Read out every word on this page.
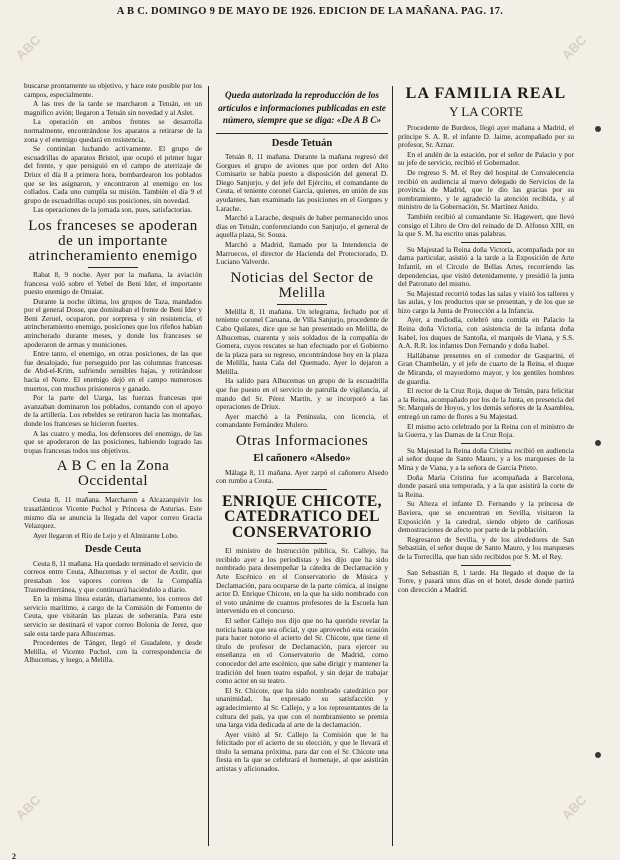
A B C. DOMINGO 9 DE MAYO DE 1926. EDICION DE LA MAÑANA. PAG. 17.

buscarse prontamente su objetivo, y hace este posible por los campos, especialmente.

A las tres de la tarde se marcharon a Tetuán, en un magnifico avión; llegaron a Tetuán sin novedad y al Aslet.

La operación en ambos frentes se desarrolla normalmente, encontrándose los aparatos a retirarse de la zona y el enemigo quedará en resistencia.

Se continúan luchando activamente. El grupo de escuadrillas de aparatos Bristol, que ocupó el primer lugar del frente, y que persiguió en el campo de aterrizaje de Driux el día 8 a primera hora, bombardearon los poblados que se les asignaron, y encontraron al enemigo en los collados. Cada uno cumplía su misión. También el día 9 el grupo de escuadrillas ocupó sus posiciones, sin novedad.

Las operaciones de la jornada son, pues, satisfactorias.

Los franceses se apoderan de un importante atrincheramiento enemigo

Rabat 8, 9 noche. Ayer por la mañana, la aviación francesa voló sobre el Yebel de Beni Ider, el importante puesto enemigo de Omaiat.

Durante la noche última, los grupos de Taza, mandados por el general Dosse, que dominaban el frente de Beni Ider y Beni Zeruel, ocuparon, por sorpresa y sin resistencia, el atrincheramiento enemigo, posiciones que los rifeños habían atrincherado durante meses, y donde los franceses se apoderaron de armas y municiones.

Entre tanto, el enemigo, en otras posiciones, de las que fue desalojado, fue perseguido por las columnas francesas de Abd-el-Krim, sufriendo sensibles bajas, y retirándose hacia el Norte. El enemigo dejó en el campo numerosos muertos, con muchos prisioneros y ganado.

Por la parte del Uarga, las fuerzas francesas que avanzaban dominaron los poblados, contando con el apoyo de la artillería. Los rebeldes se retiraron hacia las montañas, donde los franceses se hicieron fuertes.

A las cuatro y media, los defensores del enemigo, de las que se apoderaron de las posiciones, habiendo logrado las tropas francesas todos sus objetivos.

A B C en la Zona Occidental

Ceuta 8, 11 mañana. Marcharon a Alcazarquivir los trasatlánticos Vicente Puchol y Princesa de Asturias. Este mismo día se anuncia la llegada del vapor correo Gracia Velazquez.

Ayer llegaron el Río de Lejo y el Almirante Lobo.

Desde Ceuta

Ceuta 8, 11 mañana. Ha quedado terminado el servicio de correos entre Ceuta, Alhucemas y el sector de Axdir, que prestaban los vapores correos de la Compañía Trasmediterránea, y que continuará haciéndolo a diario.

En la misma línea estarán, diariamente, los correos del servicio marítimo, a cargo de la Comisión de Fomento de Ceuta, que visitarán las plazas de soberanía. Para este servicio se destinará el vapor correo Bolonia de Jerez, que sale esta tarde para Alhucemas.

Procedentes de Tánger, llegó el Guadalete, y desde Melilla, el Vicente Puchol, con la correspondencia de Alhucemas, y luego, a Melilla.

Queda autorizada la reproducción de los artículos e informaciones publicadas en este número, siempre que se diga: «De A B C»

Desde Tetuán

Tetuán 8, 11 mañana. Durante la mañana regresó del Gorgues el grupo de aviones que por orden del Alto Comisario se había puesto a disposición del general D. Diego Sanjurjo, y del jefe del Ejército, el comandante de Ceuta, el teniente coronel García, quienes, en unión de sus ayudantes, han examinado las posiciones en el Gorgues y Larache.

Marchó a Larache, después de haber permanecido unos días en Tetuán, conferenciando con Sanjurjo, el general de aquella plaza, Sr. Souza.

Marchó a Madrid, llamado por la Intendencia de Marruecos, el director de Hacienda del Protectorado, D. Luciano Valverde.

Noticias del Sector de Melilla

Melilla 8, 11 mañana. Un telegrama, fechado por el teniente coronel Caruana, de Villa Sanjurjo, procedente de Cabo Quilates, dice que se han presentado en Melilla, de Alhucemas, cuarenta y seis soldados de la compañía de Gomera, cuyos rescates se han efectuado por el Gobierno de la plaza para su regreso, encontrándose hoy en la plaza de Melilla, hasta Cala del Quemado. Ayer lo dejaron a Melilla.

Ha salido para Alhucemas un grupo de la escuadrilla que fue puesto en el servicio de patrulla de vigilancia, al mando del Sr. Pérez Martín, y se incorporó a las operaciones de Driux.

Ayer marchó a la Península, con licencia, el comandante Fernández Mulero.

Otras Informaciones
El cañonero «Alsedo»

Málaga 8, 11 mañana. Ayer zarpó el cañonero Alsedo con rumbo a Ceuta.

ENRIQUE CHICOTE, CATEDRATICO DEL CONSERVATORIO

El ministro de Instrucción pública, Sr. Callejo, ha recibido ayer a los periodistas y les dijo que ha sido nombrado para desempeñar la cátedra de Declamación y Arte Escénico en el Conservatorio de Música y Declamación, para ocuparse de la parte cómica, al insigne actor D. Enrique Chicote, en la que ha sido nombrado con el voto unánime de cuantos profesores de la Escuela han intervenido en el concurso.

El señor Callejo nos dijo que no ha querido revelar la noticia hasta que sea oficial, y que aprovechó esta ocasión para hacer notorio el acierto del Sr. Chicote, que tiene el título de profesor de Declamación, para ejercer su enseñanza en el Conservatorio de Madrid, como conocedor del arte escénico, que sabe dirigir y mantener la tradición del buen teatro español, y sin dejar de trabajar como actor en su teatro.

El Sr. Chicote, que ha sido nombrado catedrático por unanimidad, ha expresado su satisfacción y agradecimiento al Sr. Callejo, y a los representantes de la cultura del país, ya que con el nombramiento se premia una larga vida dedicada al arte de la declamación.

Ayer visitó al Sr. Callejo la Comisión que le ha felicitado por el acierto de su elección, y que le llevará el título la semana próxima, para dar con el Sr. Chicote una fiesta en la que se celebrará el homenaje, al que asistirán artistas y aficionados.

LA FAMILIA REAL
Y LA CORTE

Procedente de Burdeos, llegó ayer mañana a Madrid, el príncipe S. A. R. el infante D. Jaime, acompañado por su profesor, Sr. Aznar.

En el andén de la estación, por el señor de Palacio y por su jefe de servicio, recibió el Gobernador.

De regreso S. M. el Rey del hospital de Convalecencia recibió en audiencia al nuevo delegado de Servicios de la provincia de Madrid, que le dio las gracias por su nombramiento, y le agradeció la atención recibida, y al ministro de la Gobernación, Sr. Martínez Anido.

También recibió al comandante Sr. Hagewert, que llevó consigo el Libro de Oro del reinado de D. Alfonso XIII, en la que S. M. ha escrito unas palabras.

Su Majestad la Reina doña Victoria, acompañada por su dama particular, asistió a la tarde a la Exposición de Arte Infantil, en el Círculo de Bellas Artes, recorriendo las dependencias, que visitó detenidamente, y presidió la junta del Patronato del mismo.

Su Majestad recorrió todas las salas y visitó los talleres y las aulas, y los productos que se presentan, y de los que se hizo cargo la Junta de Protección a la Infancia.

Ayer, a mediodía, celebró una comida en Palacio la Reina doña Victoria, con asistencia de la infanta doña Isabel, los duques de Santoña, el marqués de Viana, y S.S. A.A. R.R. los infantes Don Fernando y doña Isabel.

Hallábanse presentes en el comedor de Gasparini, el Gran Chambelán, y el jefe de cuarto de la Reina, el duque de Miranda, el mayordomo mayor, y los gentiles hombres de guardia.

El rector de la Cruz Roja, duque de Tetuán, para felicitar a la Reina, acompañado por los de la Junta, en presencia del Sr. Marqués de Hoyos, y los demás señores de la Asamblea, entregó un ramo de flores a Su Majestad.

El mismo acto celebrado por la Reina con el ministro de la Guerra, y las Damas de la Cruz Roja.

Su Majestad la Reina doña Cristina recibió en audiencia al señor duque de Santo Mauro, y a los marqueses de la Mina y de Viana, y a la señora de García Prieto.

Doña María Cristina fue acompañada a Barcelona, donde pasará una temporada, y a la que asistirá la corte de la Reina.

Su Alteza el infante D. Fernando y la princesa de Baviera, que se encuentran en Sevilla, visitaron la Exposición y la catedral, siendo objeto de cariñosas demostraciones de afecto por parte de la población.

Regresaron de Sevilla, y de los alrededores de San Sebastián, el señor duque de Santo Mauro, y los marqueses de la Torrecilla, que han sido recibidos por S. M. el Rey.

San Sebastián 8, 1 tarde. Ha llegado el duque de la Torre, y pasará unos días en el hotel, desde donde partirá con dirección a Madrid.

ABC	ABC
ABC	ABC
2
